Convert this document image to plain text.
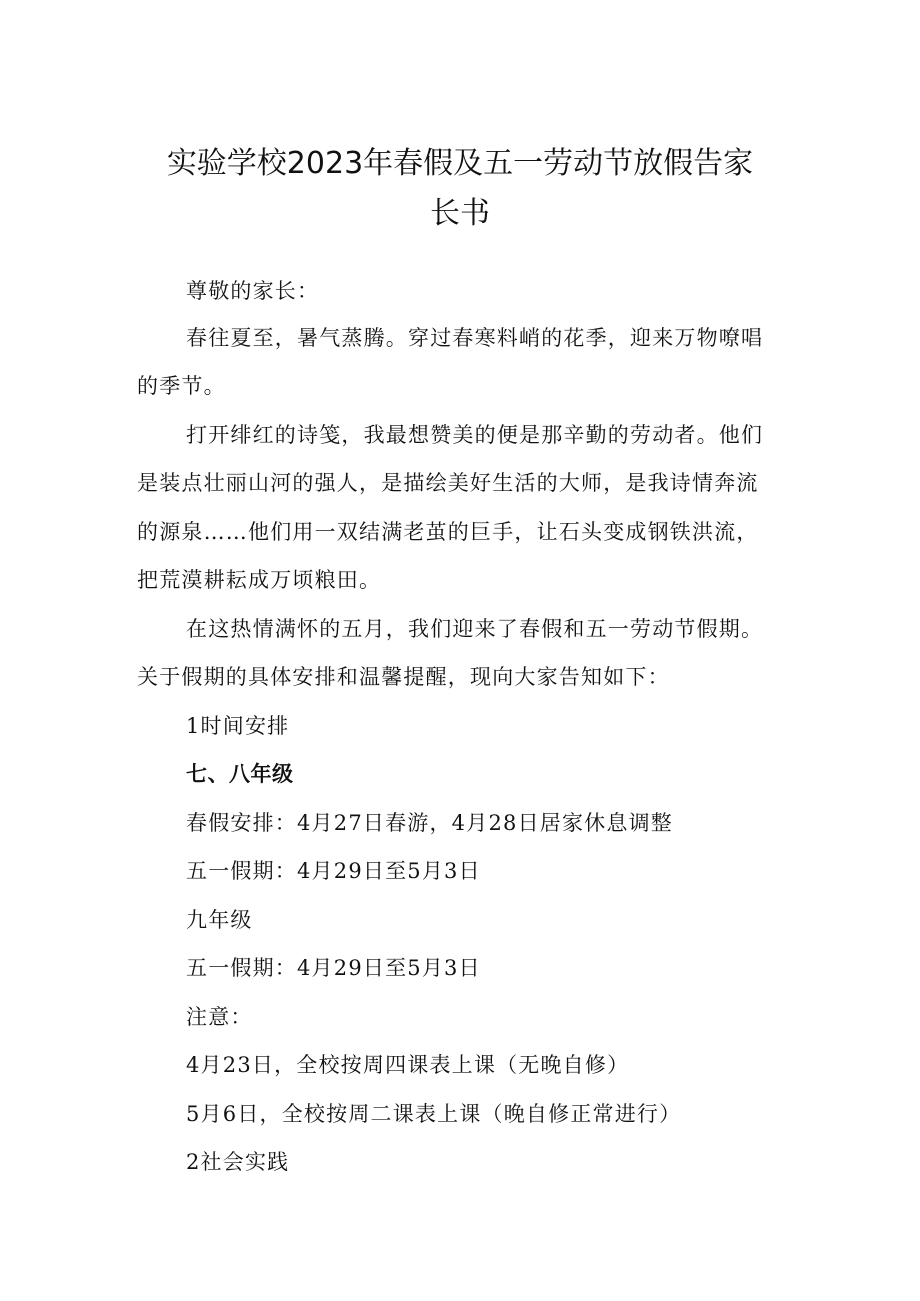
实验学校2023年春假及五一劳动节放假告家
长书
尊敬的家长：
春往夏至，暑气蒸腾。穿过春寒料峭的花季，迎来万物嘹唱
的季节。
打开绯红的诗笺，我最想赞美的便是那辛勤的劳动者。他们
是装点壮丽山河的强人，是描绘美好生活的大师，是我诗情奔流
的源泉……他们用一双结满老茧的巨手，让石头变成钢铁洪流，
把荒漠耕耘成万顷粮田。
在这热情满怀的五月，我们迎来了春假和五一劳动节假期。
关于假期的具体安排和温馨提醒，现向大家告知如下：
1时间安排
七、八年级
春假安排：4月27日春游，4月28日居家休息调整
五一假期：4月29日至5月3日
九年级
五一假期：4月29日至5月3日
注意：
4月23日，全校按周四课表上课（无晚自修）
5月6日，全校按周二课表上课（晚自修正常进行）
2社会实践
